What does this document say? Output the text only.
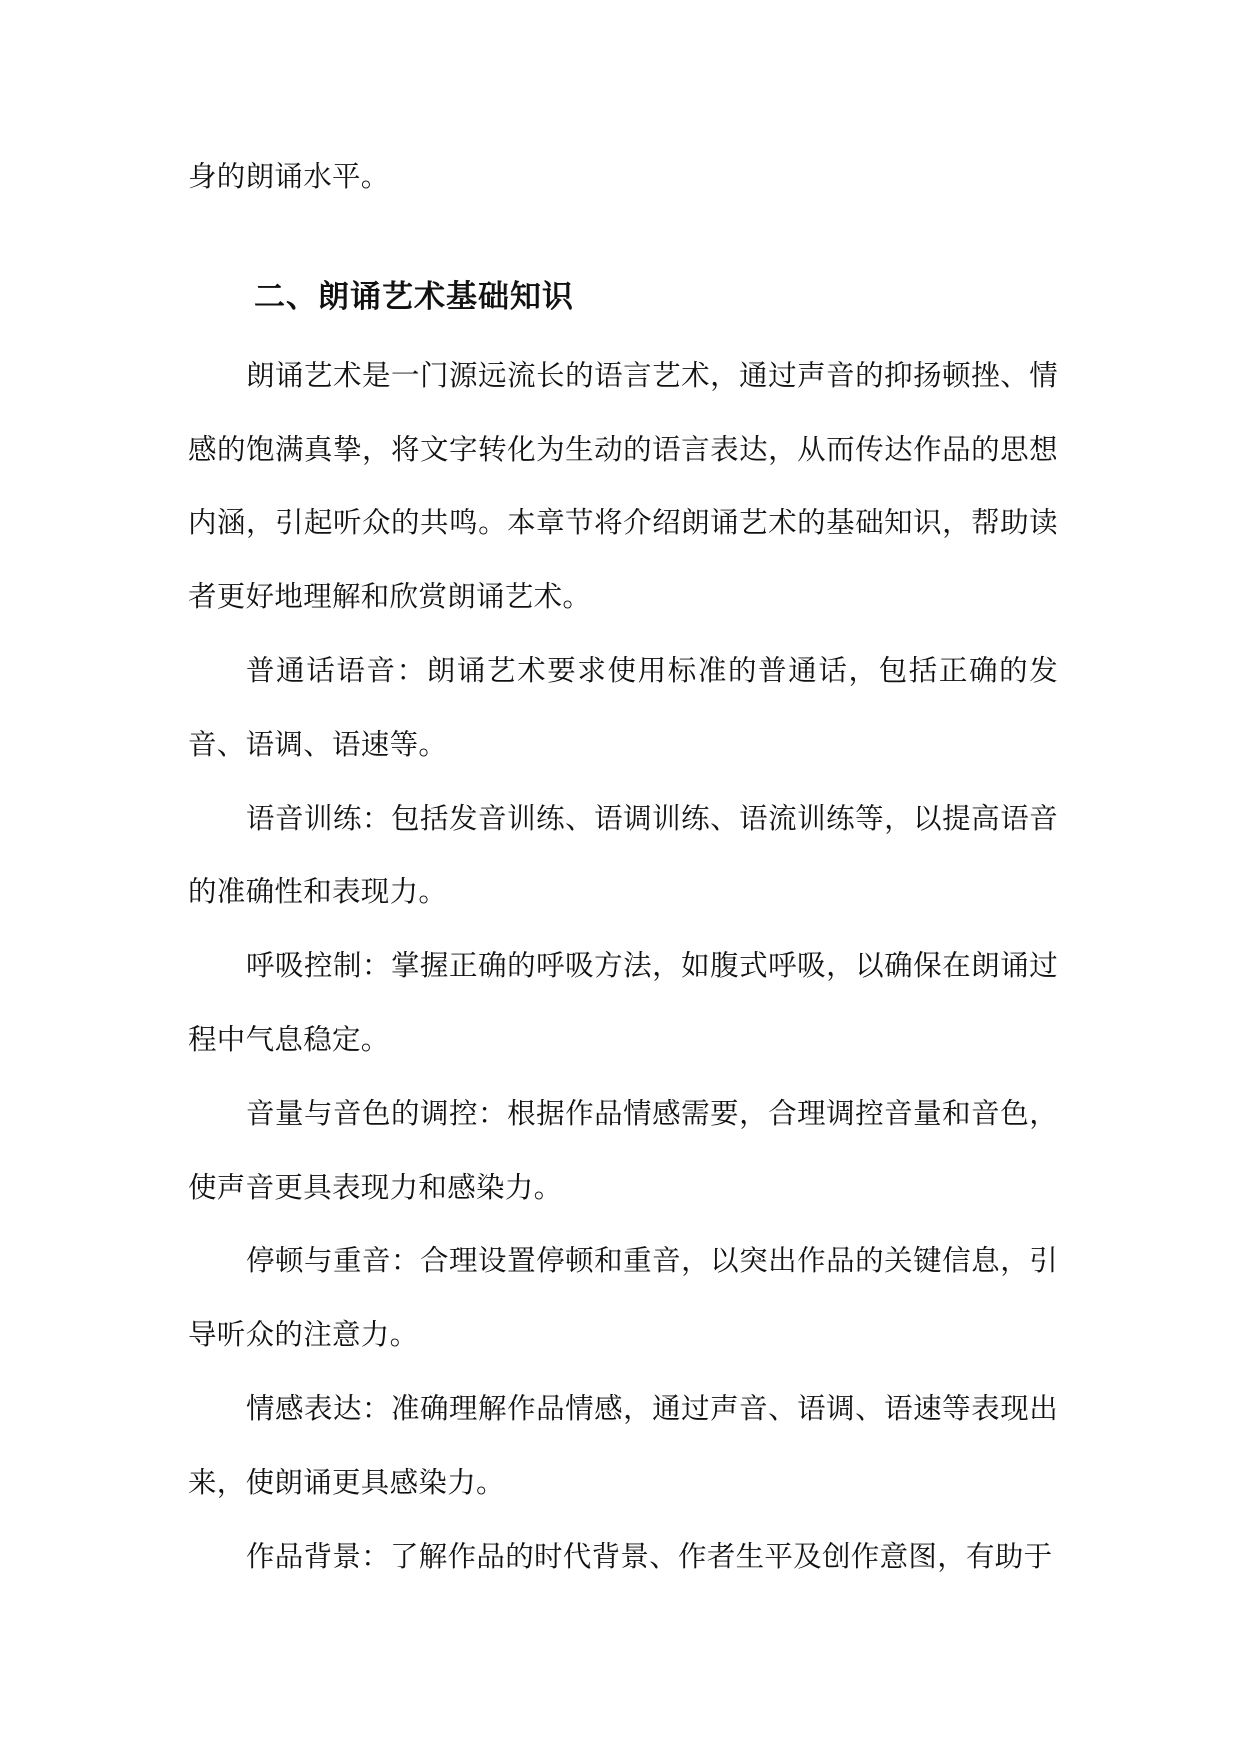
身的朗诵水平。

二、朗诵艺术基础知识

朗诵艺术是一门源远流长的语言艺术，通过声音的抑扬顿挫、情感的饱满真挚，将文字转化为生动的语言表达，从而传达作品的思想内涵，引起听众的共鸣。本章节将介绍朗诵艺术的基础知识，帮助读者更好地理解和欣赏朗诵艺术。

普通话语音：朗诵艺术要求使用标准的普通话，包括正确的发音、语调、语速等。

语音训练：包括发音训练、语调训练、语流训练等，以提高语音的准确性和表现力。

呼吸控制：掌握正确的呼吸方法，如腹式呼吸，以确保在朗诵过程中气息稳定。

音量与音色的调控：根据作品情感需要，合理调控音量和音色，使声音更具表现力和感染力。

停顿与重音：合理设置停顿和重音，以突出作品的关键信息，引导听众的注意力。

情感表达：准确理解作品情感，通过声音、语调、语速等表现出来，使朗诵更具感染力。

作品背景：了解作品的时代背景、作者生平及创作意图，有助于
